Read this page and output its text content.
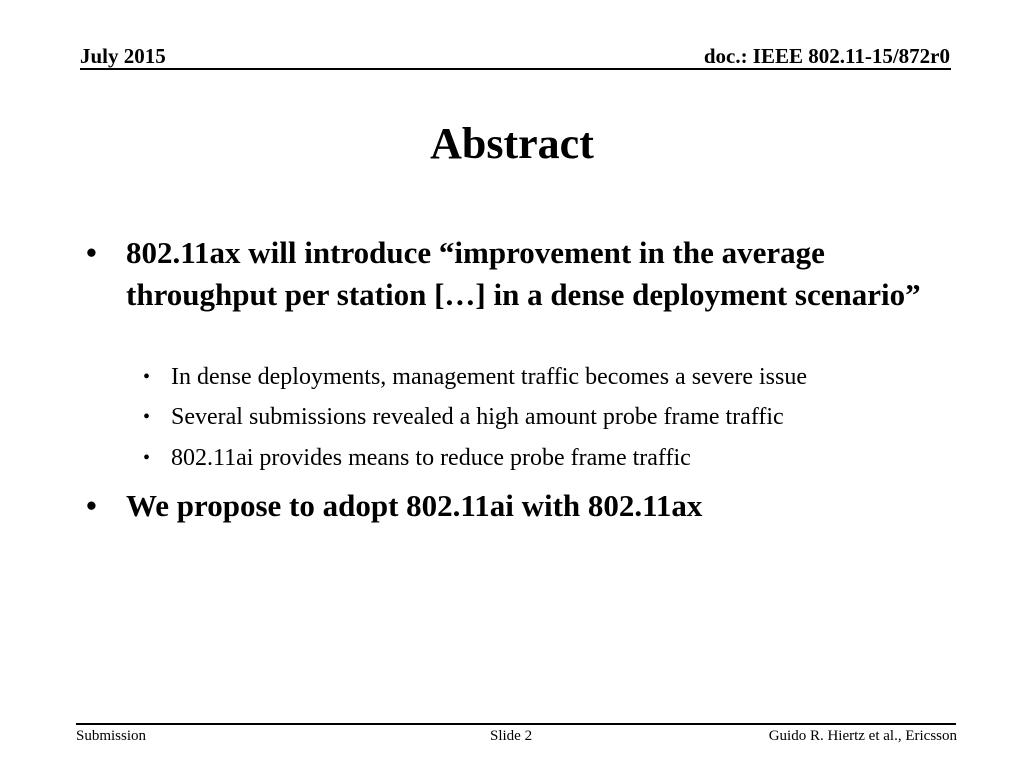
July 2015	doc.: IEEE 802.11-15/872r0
Abstract
• 802.11ax will introduce “improvement in the average throughput per station […] in a dense deployment scenario”
• In dense deployments, management traffic becomes a severe issue
• Several submissions revealed a high amount probe frame traffic
• 802.11ai provides means to reduce probe frame traffic
• We propose to adopt 802.11ai with 802.11ax
Submission	Slide 2	Guido R. Hiertz et al., Ericsson
